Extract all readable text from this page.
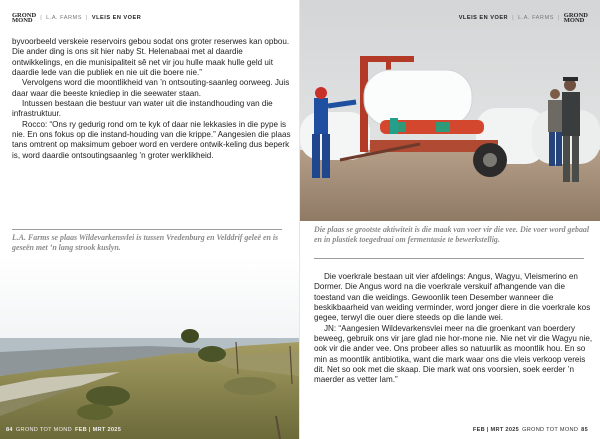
GROND
MOND	| L.A. FARMS | VLEIS EN VOER

byvoorbeeld verskeie reservoirs gebou sodat ons groter reserwes kan opbou. Die ander ding is ons sit hier naby St. Helenabaai met al daardie ontwikkelings, en die munisipaliteit sê net vir jou hulle maak hulle geld uit daardie lede van die publiek en nie uit die boere nie.”

Vervolgens word die moontlikheid van ’n ontsouting-saanleg oorweeg. Juis daar waar die beeste kniediep in die seewater staan.

Intussen bestaan die bestuur van water uit die instandhouding van die infrastruktuur.

Rocco: “Ons ry gedurig rond om te kyk of daar nie lekkasies in die pype is nie. En ons fokus op die instand-houding van die krippe.” Aangesien die plaas tans omtrent op maksimum geboer word en verdere ontwik-keling dus beperk is, word daardie ontsoutingsaanleg ’n groter werklikheid.

L.A. Farms se plaas Wildevarkensvlei is tussen Vredenburg en Velddrif geleë en is geseën met ’n lang strook kuslyn.
84 GROND TOT MOND FEB | MRT 2025
VLEIS EN VOER | L.A. FARMS | GROND
MOND
Die plaas se grootste aktiwiteit is die maak van voer vir die vee. Die voer word gebaal en in plastiek toegedraai om fermentasie te bewerkstellig.

Die voerkrale bestaan uit vier afdelings: Angus, Wagyu, Vleismerino en Dormer. Die Angus word na die voerkrale verskuif afhangende van die toestand van die weidings. Gewoonlik teen Desember wanneer die beskikbaarheid van weiding verminder, word jonger diere in die voerkrale kos gegee, terwyl die ouer diere steeds op die lande wei.

JN: “Aangesien Wildevarkensvlei meer na die groenkant van boerdery beweeg, gebruik ons vir jare glad nie hor-mone nie. Nie net vir die Wagyu nie, ook vir die ander vee. Ons probeer alles so natuurlik as moontlik hou. En so min as moontlik antibiotika, want die mark waar ons die vleis verkoop vereis dit. Net so ook met die skaap. Die mark wat ons voorsien, soek eerder ’n maerder as vetter lam.”

FEB | MRT 2025 GROND TOT MOND 85
